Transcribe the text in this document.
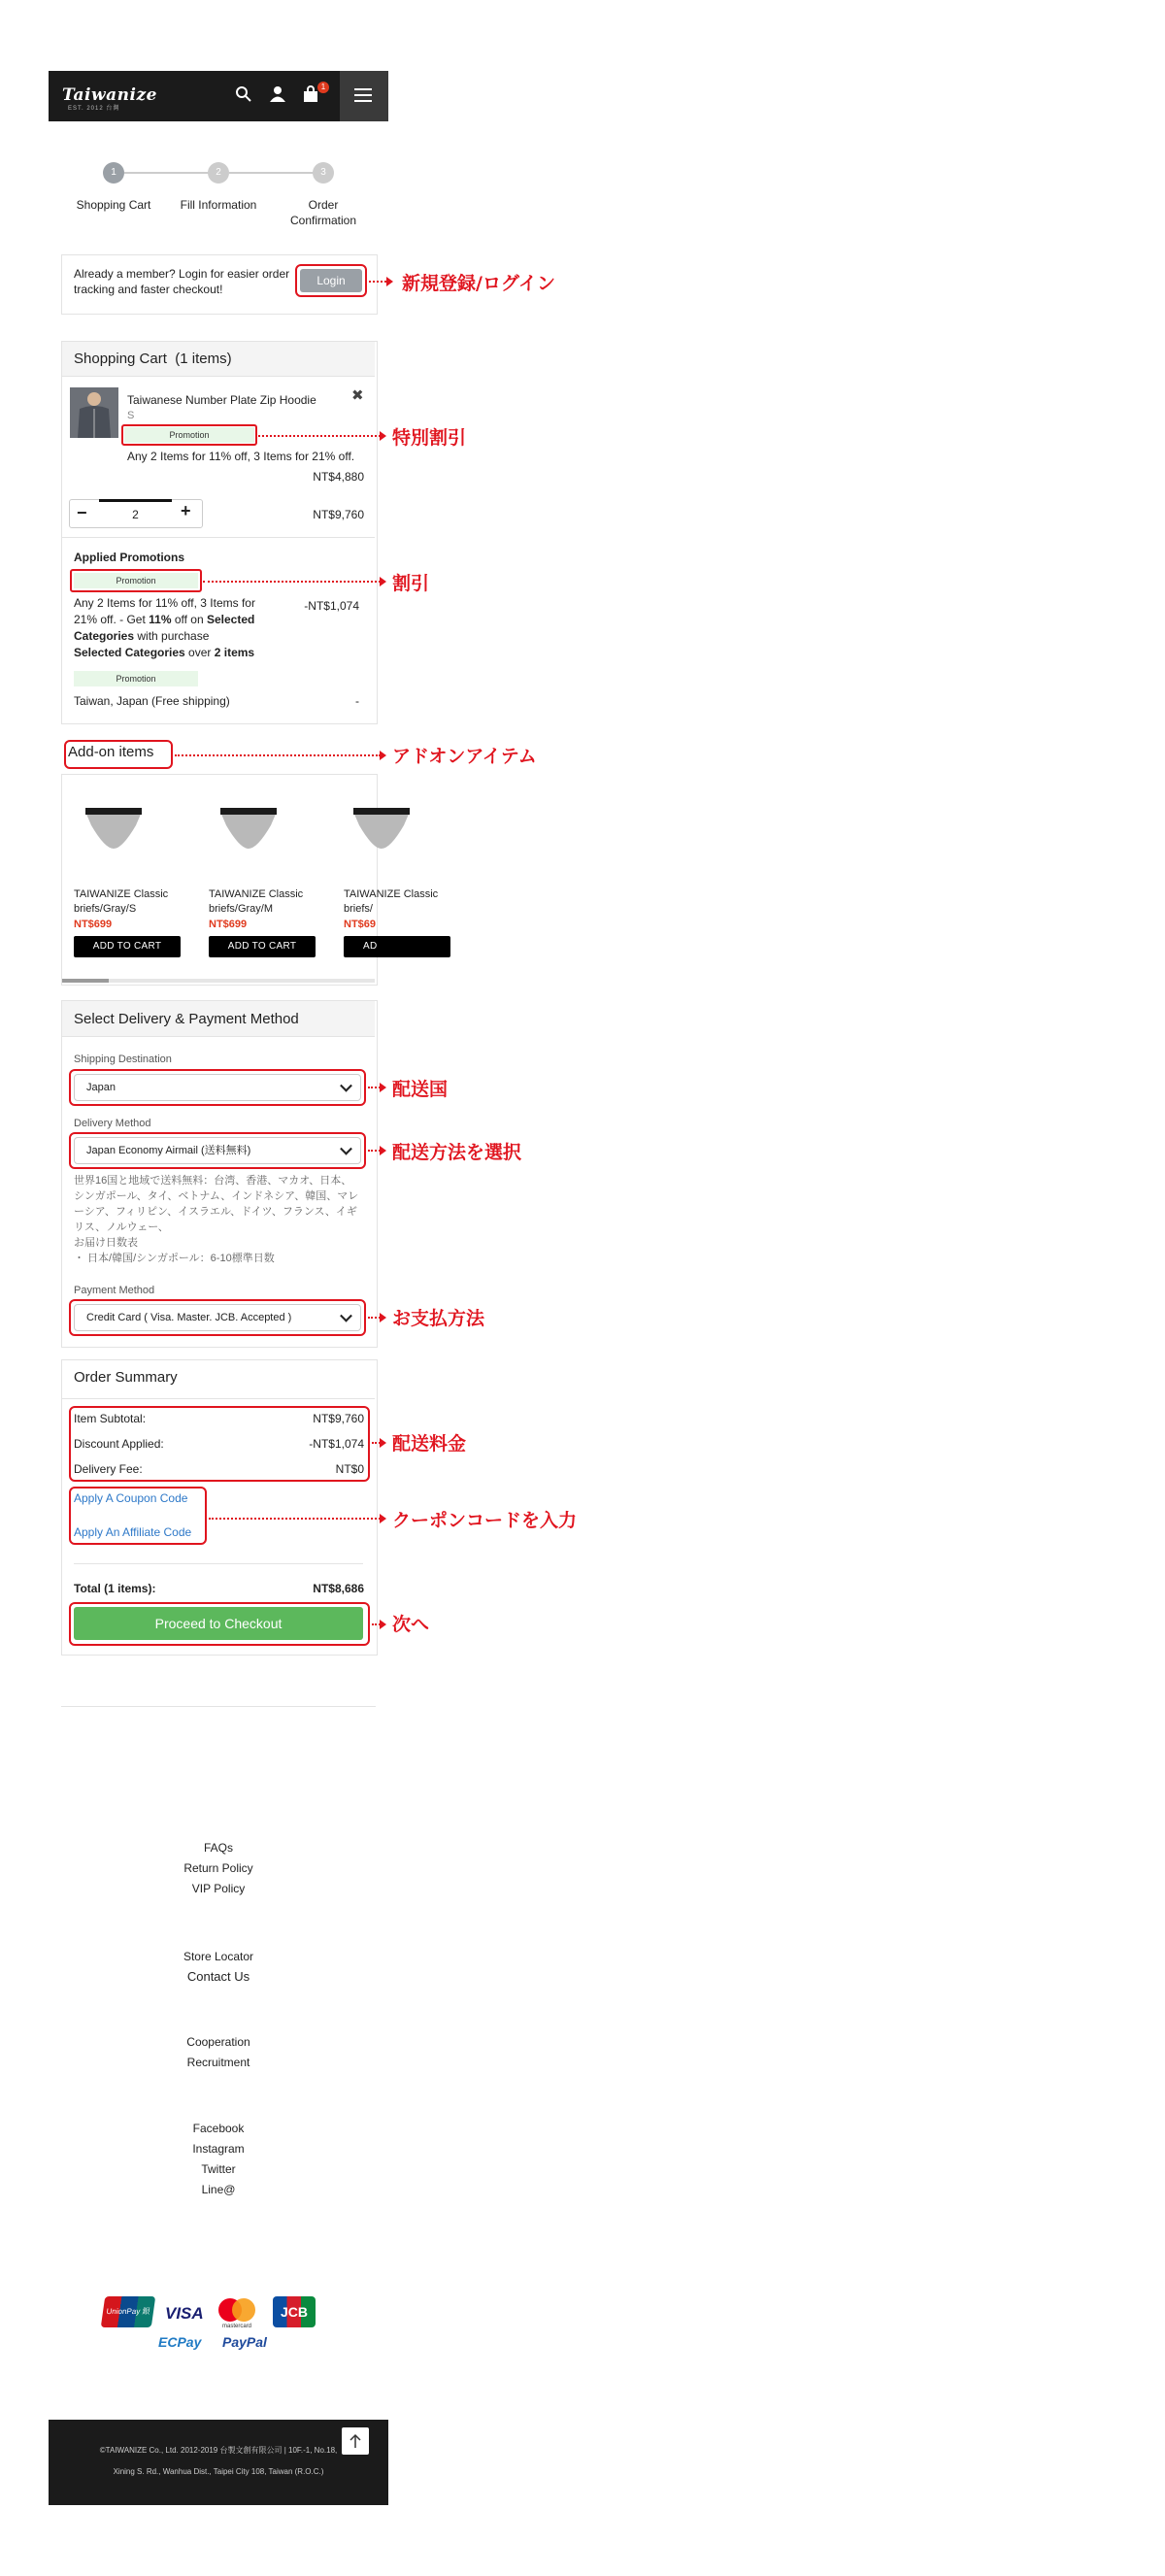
Taiwanize
EST. 2012 台灣
1
1	2	3
Shopping Cart	Fill Information	Order Confirmation
Already a member? Login for easier order tracking and faster checkout!
Login	新規登録/ログイン
Shopping Cart (1 items)
Taiwanese Number Plate Zip Hoodie
S
✖
Promotion	特別割引
Any 2 Items for 11% off, 3 Items for 21% off.
NT$4,880
−	2	+	NT$9,760
Applied Promotions
Promotion	割引
Any 2 Items for 11% off, 3 Items for 21% off. - Get 11% off on Selected Categories with purchase
Selected Categories over 2 items
-NT$1,074
Promotion
Taiwan, Japan (Free shipping)	-
Add-on items	アドオンアイテム
TAIWANIZE Classic briefs/Gray/S
NT$699
ADD TO CART
TAIWANIZE Classic briefs/Gray/M
NT$699
ADD TO CART
TAIWANIZE Classic briefs/
NT$69
AD
Select Delivery & Payment Method
Shipping Destination
Japan	配送国
Delivery Method
Japan Economy Airmail (送料無料)	配送方法を選択
世界16国と地域で送料無料：台湾、香港、マカオ、日本、シンガポール、タイ、ベトナム、インドネシア、韓国、マレーシア、フィリピン、イスラエル、ドイツ、フランス、イギリス、ノルウェー、
お届け日数表
・ 日本/韓国/シンガポール：6-10標準日数
Payment Method
Credit Card ( Visa. Master. JCB. Accepted )	お支払方法
Order Summary
Item Subtotal:	NT$9,760
Discount Applied:	-NT$1,074
Delivery Fee:	NT$0
配送料金
Apply A Coupon Code
Apply An Affiliate Code
クーポンコードを入力
Total (1 items):	NT$8,686
Proceed to Checkout	次へ
FAQs
Return Policy
VIP Policy
Store Locator
Contact Us
Cooperation
Recruitment
Facebook
Instagram
Twitter
Line@
UnionPay 銀聯
VISA
mastercard
JCB
ECPay PayPal
©TAIWANIZE Co., Ltd. 2012-2019 台製文創有限公司 | 10F.-1, No.18,
Xining S. Rd., Wanhua Dist., Taipei City 108, Taiwan (R.O.C.)
